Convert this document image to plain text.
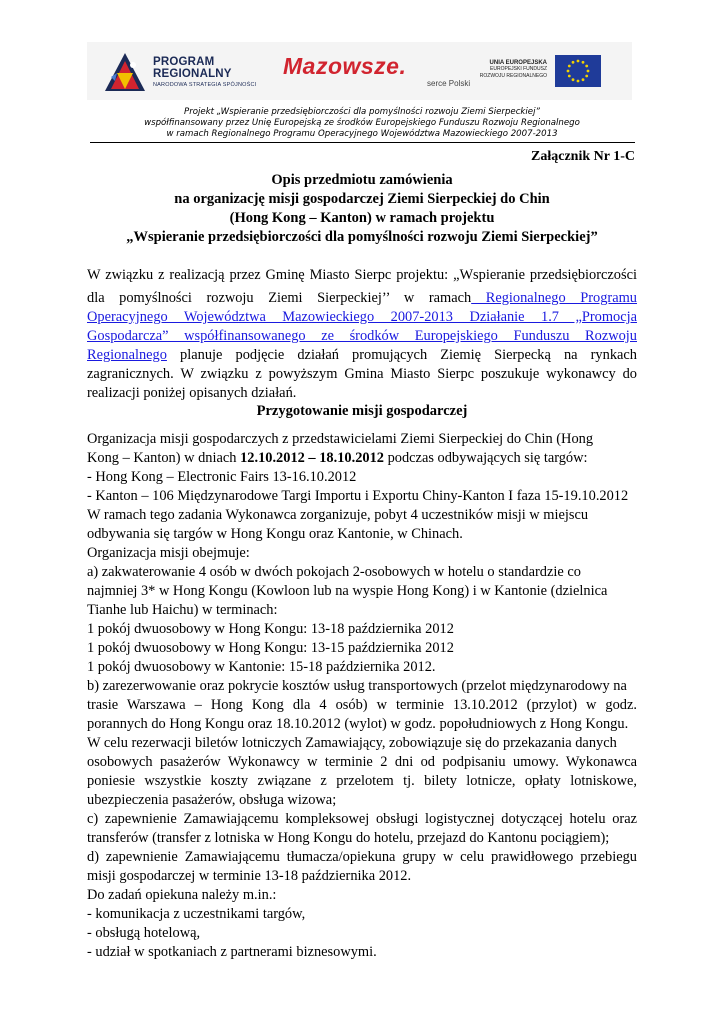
PROGRAM
REGIONALNY
NARODOWA STRATEGIA SPÓJNOŚCI
Mazowsze.
serce Polski
UNIA EUROPEJSKA
EUROPEJSKI FUNDUSZ
ROZWOJU REGIONALNEGO
Projekt „Wspieranie przedsiębiorczości dla pomyślności rozwoju Ziemi Sierpeckiej”
współfinansowany przez Unię Europejską ze środków Europejskiego Funduszu Rozwoju Regionalnego
w ramach Regionalnego Programu Operacyjnego Województwa Mazowieckiego 2007-2013
Załącznik Nr 1-C
Opis przedmiotu zamówienia
na organizację misji gospodarczej Ziemi Sierpeckiej do Chin
(Hong Kong – Kanton) w ramach projektu
„Wspieranie przedsiębiorczości dla pomyślności rozwoju Ziemi Sierpeckiej”
W związku z realizacją przez Gminę Miasto Sierpc projektu: „Wspieranie przedsiębiorczości
dla pomyślności rozwoju Ziemi Sierpeckiej’’ w ramach Regionalnego Programu
Operacyjnego Województwa Mazowieckiego 2007-2013 Działanie 1.7 „Promocja
Gospodarcza” współfinansowanego ze środków Europejskiego Funduszu Rozwoju
Regionalnego planuje podjęcie działań promujących Ziemię Sierpecką na rynkach
zagranicznych. W związku z powyższym Gmina Miasto Sierpc poszukuje wykonawcy do
realizacji poniżej opisanych działań.
Przygotowanie misji gospodarczej
Organizacja misji gospodarczych z przedstawicielami Ziemi Sierpeckiej do Chin (Hong
Kong – Kanton) w dniach 12.10.2012 – 18.10.2012 podczas odbywających się targów:
- Hong Kong – Electronic Fairs 13-16.10.2012
- Kanton – 106 Międzynarodowe Targi Importu i Exportu Chiny-Kanton I faza 15-19.10.2012
W ramach tego zadania Wykonawca zorganizuje, pobyt 4 uczestników misji w miejscu
odbywania się targów w Hong Kongu oraz Kantonie, w Chinach.
Organizacja misji obejmuje:
a) zakwaterowanie 4 osób w dwóch pokojach 2-osobowych w hotelu o standardzie co
najmniej 3* w Hong Kongu (Kowloon lub na wyspie Hong Kong) i w Kantonie (dzielnica
Tianhe lub Haichu) w terminach:
1 pokój dwuosobowy w Hong Kongu: 13-18 października 2012
1 pokój dwuosobowy w Hong Kongu: 13-15 października 2012
1 pokój dwuosobowy w Kantonie: 15-18 października 2012.
b) zarezerwowanie oraz pokrycie kosztów usług transportowych (przelot międzynarodowy na
trasie Warszawa – Hong Kong dla 4 osób) w terminie 13.10.2012 (przylot) w godz.
porannych do Hong Kongu oraz 18.10.2012 (wylot) w godz. popołudniowych z Hong Kongu.
W celu rezerwacji biletów lotniczych Zamawiający, zobowiązuje się do przekazania danych
osobowych pasażerów Wykonawcy w terminie 2 dni od podpisaniu umowy. Wykonawca
poniesie wszystkie koszty związane z przelotem tj. bilety lotnicze, opłaty lotniskowe,
ubezpieczenia pasażerów, obsługa wizowa;
c) zapewnienie Zamawiającemu kompleksowej obsługi logistycznej dotyczącej hotelu oraz
transferów (transfer z lotniska w Hong Kongu do hotelu, przejazd do Kantonu pociągiem);
d) zapewnienie Zamawiającemu tłumacza/opiekuna grupy w celu prawidłowego przebiegu
misji gospodarczej w terminie 13-18 października 2012.
Do zadań opiekuna należy m.in.:
- komunikacja z uczestnikami targów,
- obsługą hotelową,
- udział w spotkaniach z partnerami biznesowymi.
